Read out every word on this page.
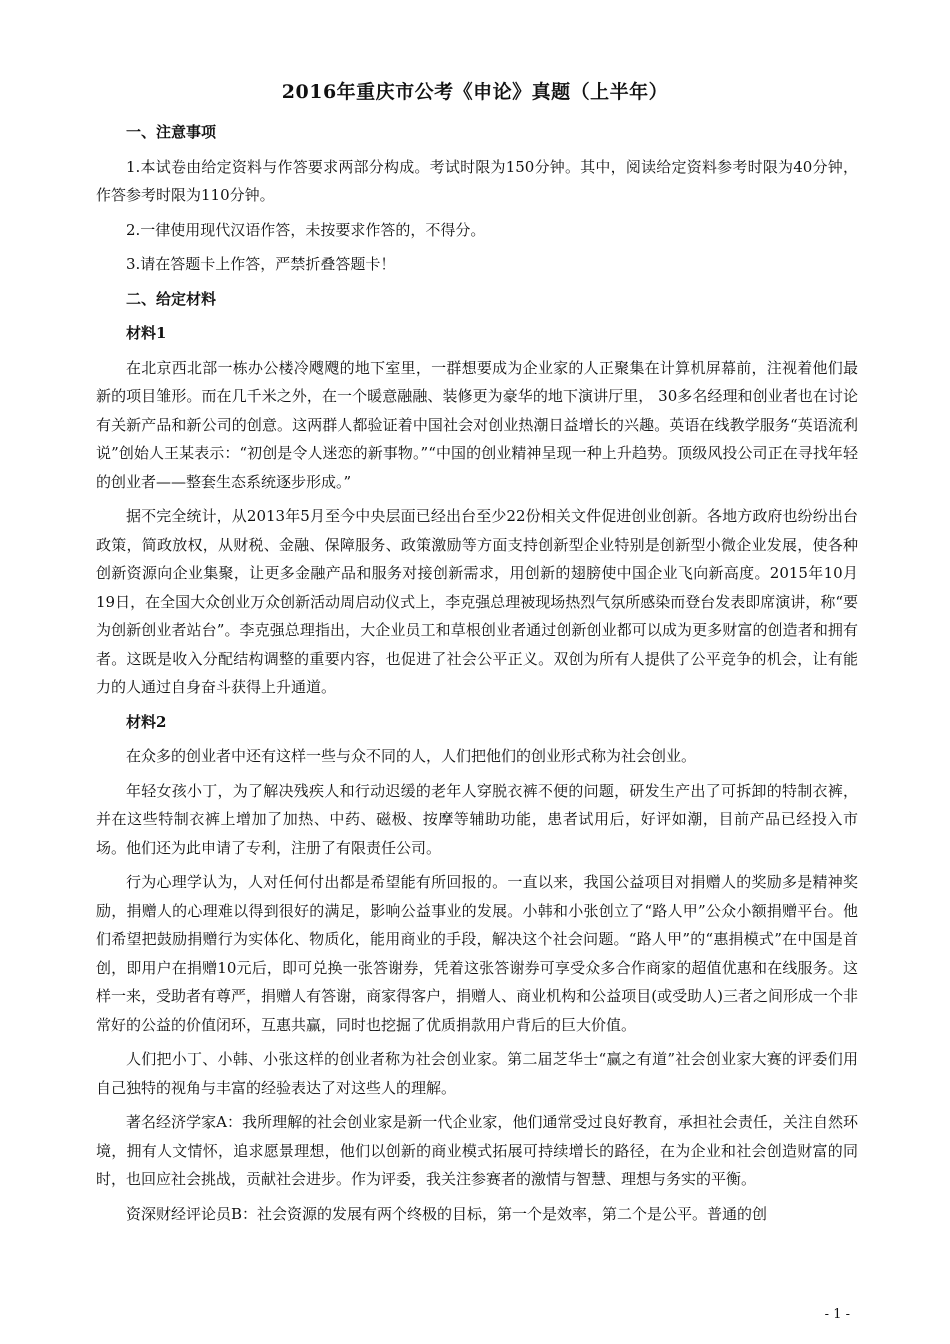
2016年重庆市公考《申论》真题（上半年）

一、注意事项

1.本试卷由给定资料与作答要求两部分构成。考试时限为150分钟。其中，阅读给定资料参考时限为40分钟，作答参考时限为110分钟。

2.一律使用现代汉语作答，未按要求作答的，不得分。

3.请在答题卡上作答，严禁折叠答题卡！

二、给定材料

材料1

在北京西北部一栋办公楼冷飕飕的地下室里，一群想要成为企业家的人正聚集在计算机屏幕前，注视着他们最新的项目雏形。而在几千米之外，在一个暖意融融、装修更为豪华的地下演讲厅里， 30多名经理和创业者也在讨论有关新产品和新公司的创意。这两群人都验证着中国社会对创业热潮日益增长的兴趣。英语在线教学服务“英语流利说”创始人王某表示：“初创是令人迷恋的新事物。”“中国的创业精神呈现一种上升趋势。顶级风投公司正在寻找年轻的创业者——整套生态系统逐步形成。”

据不完全统计，从2013年5月至今中央层面已经出台至少22份相关文件促进创业创新。各地方政府也纷纷出台政策，简政放权，从财税、金融、保障服务、政策激励等方面支持创新型企业特别是创新型小微企业发展，使各种创新资源向企业集聚，让更多金融产品和服务对接创新需求，用创新的翅膀使中国企业飞向新高度。2015年10月19日，在全国大众创业万众创新活动周启动仪式上，李克强总理被现场热烈气氛所感染而登台发表即席演讲，称“要为创新创业者站台”。李克强总理指出，大企业员工和草根创业者通过创新创业都可以成为更多财富的创造者和拥有者。这既是收入分配结构调整的重要内容，也促进了社会公平正义。双创为所有人提供了公平竞争的机会，让有能力的人通过自身奋斗获得上升通道。

材料2

在众多的创业者中还有这样一些与众不同的人，人们把他们的创业形式称为社会创业。

年轻女孩小丁，为了解决残疾人和行动迟缓的老年人穿脱衣裤不便的问题，研发生产出了可拆卸的特制衣裤，并在这些特制衣裤上增加了加热、中药、磁极、按摩等辅助功能，患者试用后，好评如潮，目前产品已经投入市场。他们还为此申请了专利，注册了有限责任公司。

行为心理学认为，人对任何付出都是希望能有所回报的。一直以来，我国公益项目对捐赠人的奖励多是精神奖励，捐赠人的心理难以得到很好的满足，影响公益事业的发展。小韩和小张创立了“路人甲”公众小额捐赠平台。他们希望把鼓励捐赠行为实体化、物质化，能用商业的手段，解决这个社会问题。“路人甲”的“惠捐模式”在中国是首创，即用户在捐赠10元后，即可兑换一张答谢券，凭着这张答谢券可享受众多合作商家的超值优惠和在线服务。这样一来，受助者有尊严，捐赠人有答谢，商家得客户，捐赠人、商业机构和公益项目(或受助人)三者之间形成一个非常好的公益的价值闭环，互惠共赢，同时也挖掘了优质捐款用户背后的巨大价值。

人们把小丁、小韩、小张这样的创业者称为社会创业家。第二届芝华士“赢之有道”社会创业家大赛的评委们用自己独特的视角与丰富的经验表达了对这些人的理解。

著名经济学家A：我所理解的社会创业家是新一代企业家，他们通常受过良好教育，承担社会责任，关注自然环境，拥有人文情怀，追求愿景理想，他们以创新的商业模式拓展可持续增长的路径，在为企业和社会创造财富的同时，也回应社会挑战，贡献社会进步。作为评委，我关注参赛者的激情与智慧、理想与务实的平衡。

资深财经评论员B：社会资源的发展有两个终极的目标，第一个是效率，第二个是公平。普通的创

- 1 -
